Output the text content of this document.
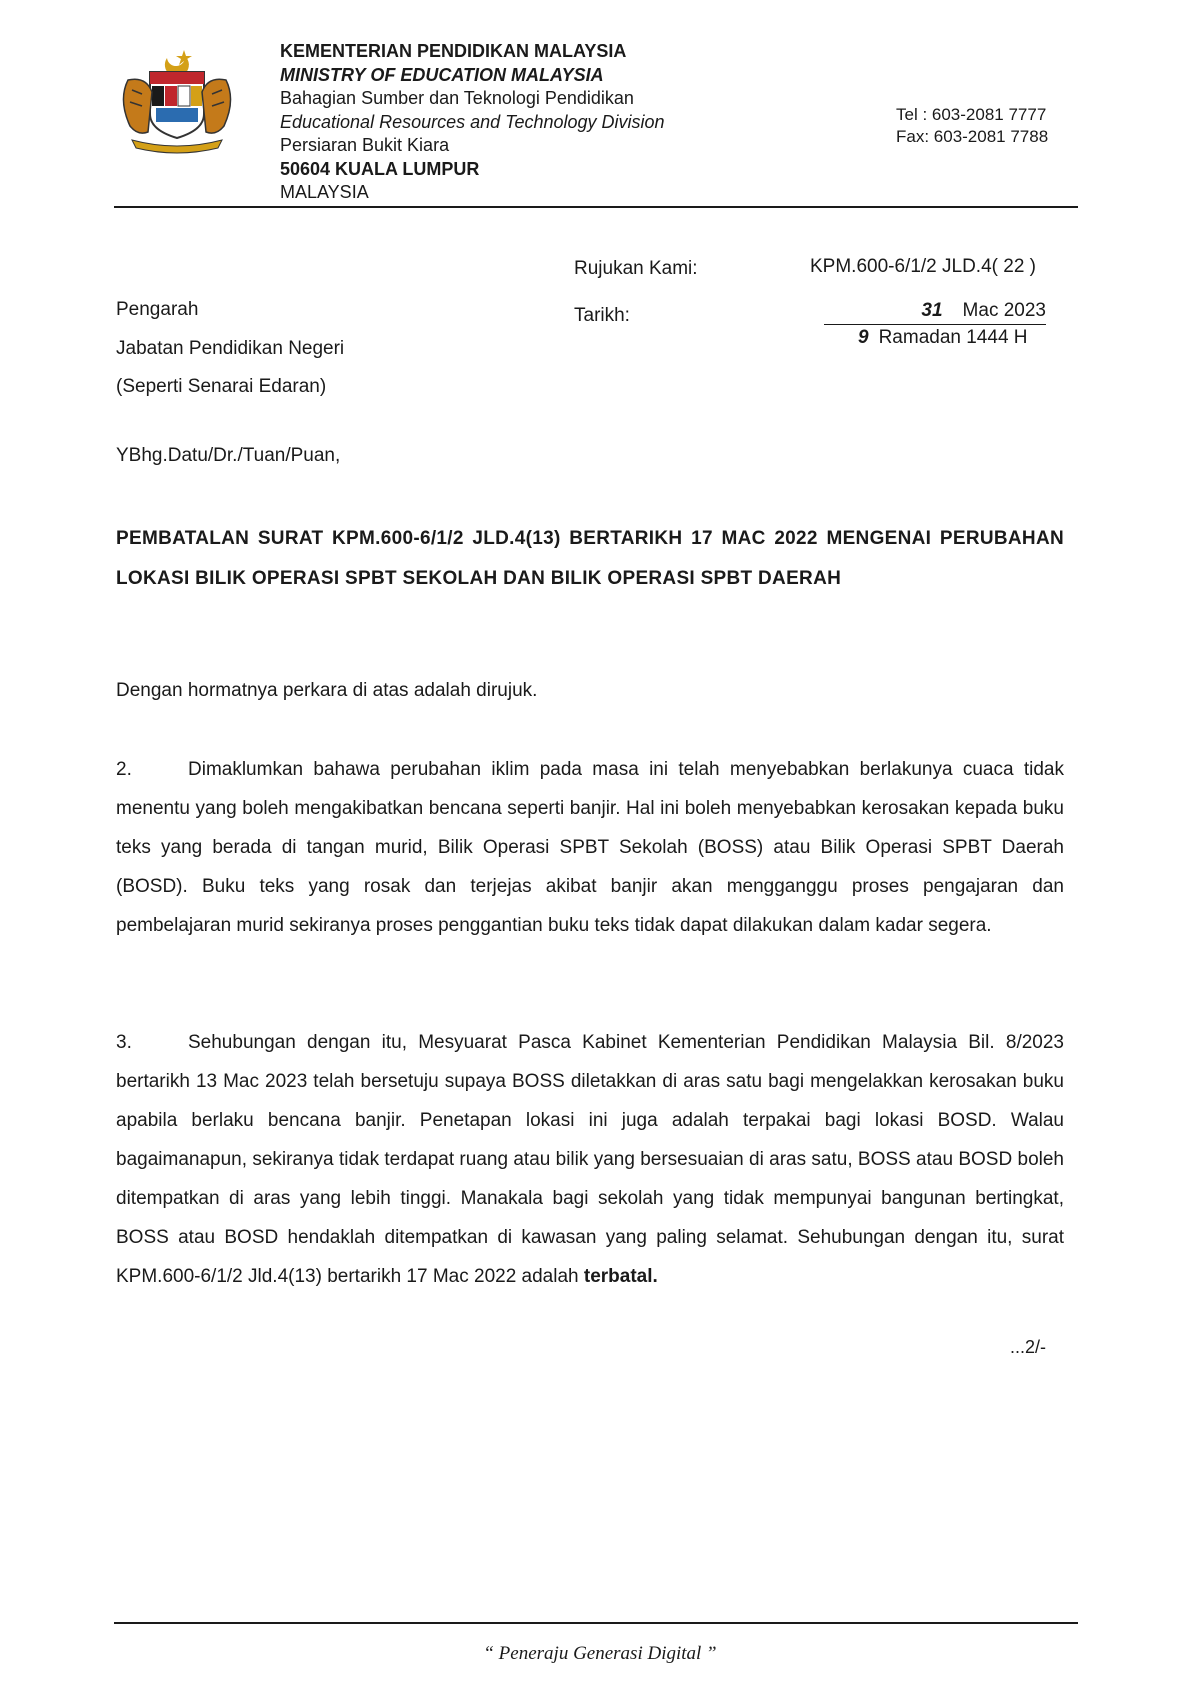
KEMENTERIAN PENDIDIKAN MALAYSIA
MINISTRY OF EDUCATION MALAYSIA
Bahagian Sumber dan Teknologi Pendidikan
Educational Resources and Technology Division
Persiaran Bukit Kiara
50604 KUALA LUMPUR
MALAYSIA
Tel : 603-2081 7777
Fax: 603-2081 7788
Rujukan Kami:	KPM.600-6/1/2 JLD.4( 22 )
Tarikh:	31 Mac 2023
9 Ramadan 1444 H
Pengarah
Jabatan Pendidikan Negeri
(Seperti Senarai Edaran)
YBhg.Datu/Dr./Tuan/Puan,
PEMBATALAN SURAT KPM.600-6/1/2 JLD.4(13) BERTARIKH 17 MAC 2022 MENGENAI PERUBAHAN LOKASI BILIK OPERASI SPBT SEKOLAH DAN BILIK OPERASI SPBT DAERAH
Dengan hormatnya perkara di atas adalah dirujuk.
2.	Dimaklumkan bahawa perubahan iklim pada masa ini telah menyebabkan berlakunya cuaca tidak menentu yang boleh mengakibatkan bencana seperti banjir. Hal ini boleh menyebabkan kerosakan kepada buku teks yang berada di tangan murid, Bilik Operasi SPBT Sekolah (BOSS) atau Bilik Operasi SPBT Daerah (BOSD). Buku teks yang rosak dan terjejas akibat banjir akan mengganggu proses pengajaran dan pembelajaran murid sekiranya proses penggantian buku teks tidak dapat dilakukan dalam kadar segera.
3.	Sehubungan dengan itu, Mesyuarat Pasca Kabinet Kementerian Pendidikan Malaysia Bil. 8/2023 bertarikh 13 Mac 2023 telah bersetuju supaya BOSS diletakkan di aras satu bagi mengelakkan kerosakan buku apabila berlaku bencana banjir. Penetapan lokasi ini juga adalah terpakai bagi lokasi BOSD. Walau bagaimanapun, sekiranya tidak terdapat ruang atau bilik yang bersesuaian di aras satu, BOSS atau BOSD boleh ditempatkan di aras yang lebih tinggi. Manakala bagi sekolah yang tidak mempunyai bangunan bertingkat, BOSS atau BOSD hendaklah ditempatkan di kawasan yang paling selamat. Sehubungan dengan itu, surat KPM.600-6/1/2 Jld.4(13) bertarikh 17 Mac 2022 adalah terbatal.
...2/-
“ Peneraju Generasi Digital ”
